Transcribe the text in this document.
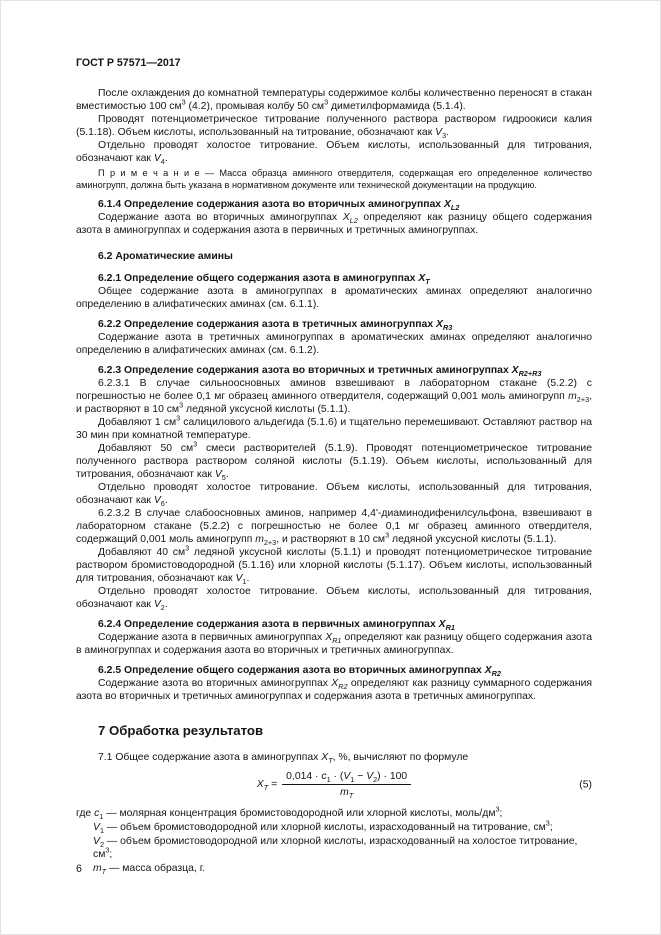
ГОСТ Р 57571—2017
После охлаждения до комнатной температуры содержимое колбы количественно переносят в стакан вместимостью 100 $см^3$ (4.2), промывая колбу 50 $см^3$ диметилформамида (5.1.4).
Проводят потенциометрическое титрование полученного раствора раствором гидроокиси калия (5.1.18). Объем кислоты, использованный на титрование, обозначают как $V_3$.
Отдельно проводят холостое титрование. Объем кислоты, использованный для титрования, обозначают как $V_4$.
П р и м е ч а н и е — Масса образца аминного отвердителя, содержащая его определенное количество аминогрупп, должна быть указана в нормативном документе или технической документации на продукцию.
6.1.4 Определение содержания азота во вторичных аминогруппах $X_{L2}$
Содержание азота во вторичных аминогруппах $X_{L2}$ определяют как разницу общего содержания азота в аминогруппах и содержания азота в первичных и третичных аминогруппах.
6.2 Ароматические амины
6.2.1 Определение общего содержания азота в аминогруппах $X_T$
Общее содержание азота в аминогруппах в ароматических аминах определяют аналогично определению в алифатических аминах (см. 6.1.1).
6.2.2 Определение содержания азота в третичных аминогруппах $X_{R3}$
Содержание азота в третичных аминогруппах в ароматических аминах определяют аналогично определению в алифатических аминах (см. 6.1.2).
6.2.3 Определение содержания азота во вторичных и третичных аминогруппах $X_{R2+R3}$
6.2.3.1 В случае сильноосновных аминов взвешивают в лабораторном стакане (5.2.2) с погрешностью не более 0,1 мг образец аминного отвердителя, содержащий 0,001 моль аминогрупп $m_{2+3}$, и растворяют в 10 $см^3$ ледяной уксусной кислоты (5.1.1).
Добавляют 1 $см^3$ салицилового альдегида (5.1.6) и тщательно перемешивают. Оставляют раствор на 30 мин при комнатной температуре.
Добавляют 50 $см^3$ смеси растворителей (5.1.9). Проводят потенциометрическое титрование полученного раствора раствором соляной кислоты (5.1.19). Объем кислоты, использованный для титрования, обозначают как $V_5$.
Отдельно проводят холостое титрование. Объем кислоты, использованный для титрования, обозначают как $V_6$.
6.2.3.2 В случае слабоосновных аминов, например 4,4'-диаминодифенилсульфона, взвешивают в лабораторном стакане (5.2.2) с погрешностью не более 0,1 мг образец аминного отвердителя, содержащий 0,001 моль аминогрупп $m_{2+3}$, и растворяют в 10 $см^3$ ледяной уксусной кислоты (5.1.1).
Добавляют 40 $см^3$ ледяной уксусной кислоты (5.1.1) и проводят потенциометрическое титрование раствором бромистоводородной (5.1.16) или хлорной кислоты (5.1.17). Объем кислоты, использованный для титрования, обозначают как $V_1$.
Отдельно проводят холостое титрование. Объем кислоты, использованный для титрования, обозначают как $V_2$.
6.2.4 Определение содержания азота в первичных аминогруппах $X_{R1}$
Содержание азота в первичных аминогруппах $X_{R1}$ определяют как разницу общего содержания азота в аминогруппах и содержания азота во вторичных и третичных аминогруппах.
6.2.5 Определение общего содержания азота во вторичных аминогруппах $X_{R2}$
Содержание азота во вторичных аминогруппах $X_{R2}$ определяют как разницу суммарного содержания азота во вторичных и третичных аминогруппах и содержания азота в третичных аминогруппах.
7 Обработка результатов
7.1 Общее содержание азота в аминогруппах $X_T$, %, вычисляют по формуле
$X_T = \frac{0,014 \cdot c_1 \cdot (V_1 - V_2) \cdot 100}{m_T}$	(5)
где $c_1$ — молярная концентрация бромистоводородной или хлорной кислоты, моль/$дм^3$;
$V_1$ — объем бромистоводородной или хлорной кислоты, израсходованный на титрование, $см^3$;
$V_2$ — объем бромистоводородной или хлорной кислоты, израсходованный на холостое титрование, $см^3$;
$m_T$ — масса образца, г.
6
